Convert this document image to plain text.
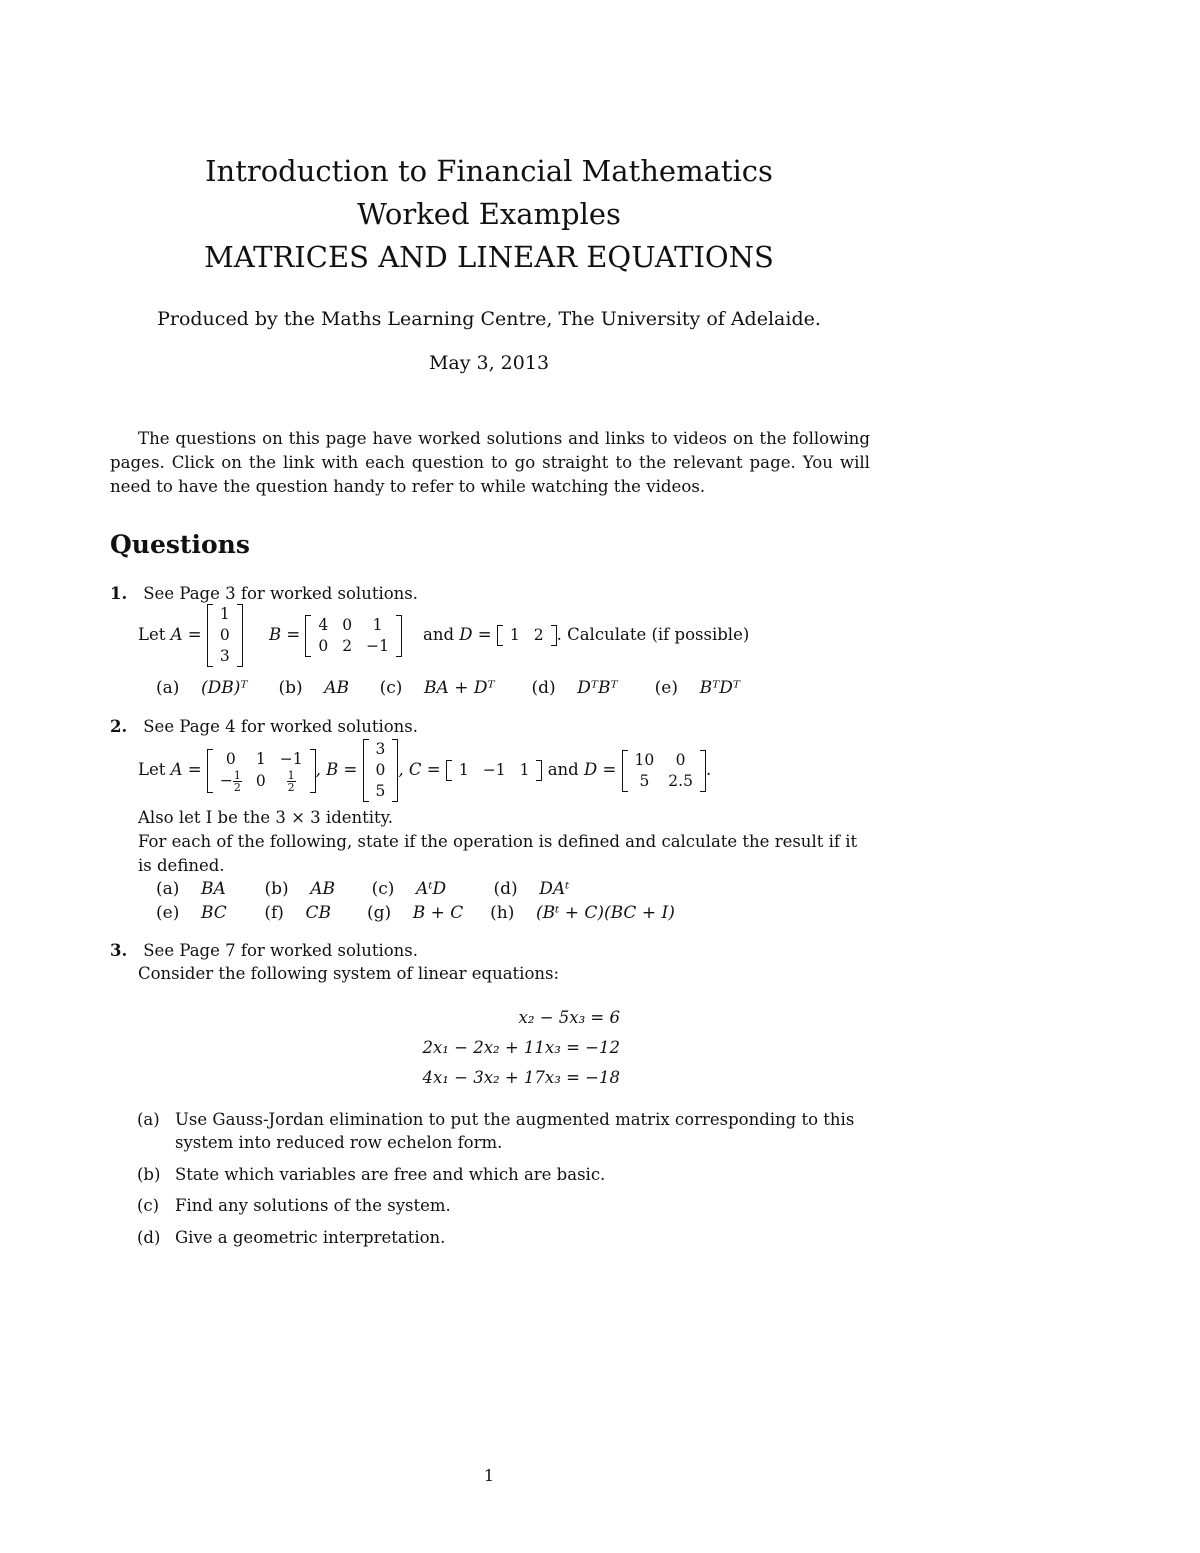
Introduction to Financial Mathematics
Worked Examples
MATRICES AND LINEAR EQUATIONS
Produced by the Maths Learning Centre, The University of Adelaide.
May 3, 2013
The questions on this page have worked solutions and links to videos on the following pages. Click on the link with each question to go straight to the relevant page. You will need to have the question handy to refer to while watching the videos.
Questions
1. See Page 3 for worked solutions.
Let A =
1
0
3
B =
4	0	1
0	2	−1
and D = 1	2 . Calculate (if possible)
(a) (DB)ᵀ (b) AB (c) BA + Dᵀ (d) DᵀBᵀ (e) BᵀDᵀ
2. See Page 4 for worked solutions.
Let A =
0	1	−1
− $\frac{1}{2}$	0	$\frac{1}{2}$ , B =
3
0
5
, C = 1	−1	1 and D =
10	0
5	2.5
.
Also let I be the 3 × 3 identity.
For each of the following, state if the operation is defined and calculate the result if it
is defined.
(a) BA (b) AB (c) AᵗD	(d) DAᵗ
(e) BC (f) CB (g) B + C (h) (Bᵗ + C)(BC + I)
3. See Page 7 for worked solutions.
Consider the following system of linear equations:
x₂ − 5x₃ = 6
2x₁ − 2x₂ + 11x₃ = −12
4x₁ − 3x₂ + 17x₃ = −18
(a) Use Gauss-Jordan elimination to put the augmented matrix corresponding to this system into reduced row echelon form.
(b) State which variables are free and which are basic.
(c) Find any solutions of the system.
(d) Give a geometric interpretation.
1
